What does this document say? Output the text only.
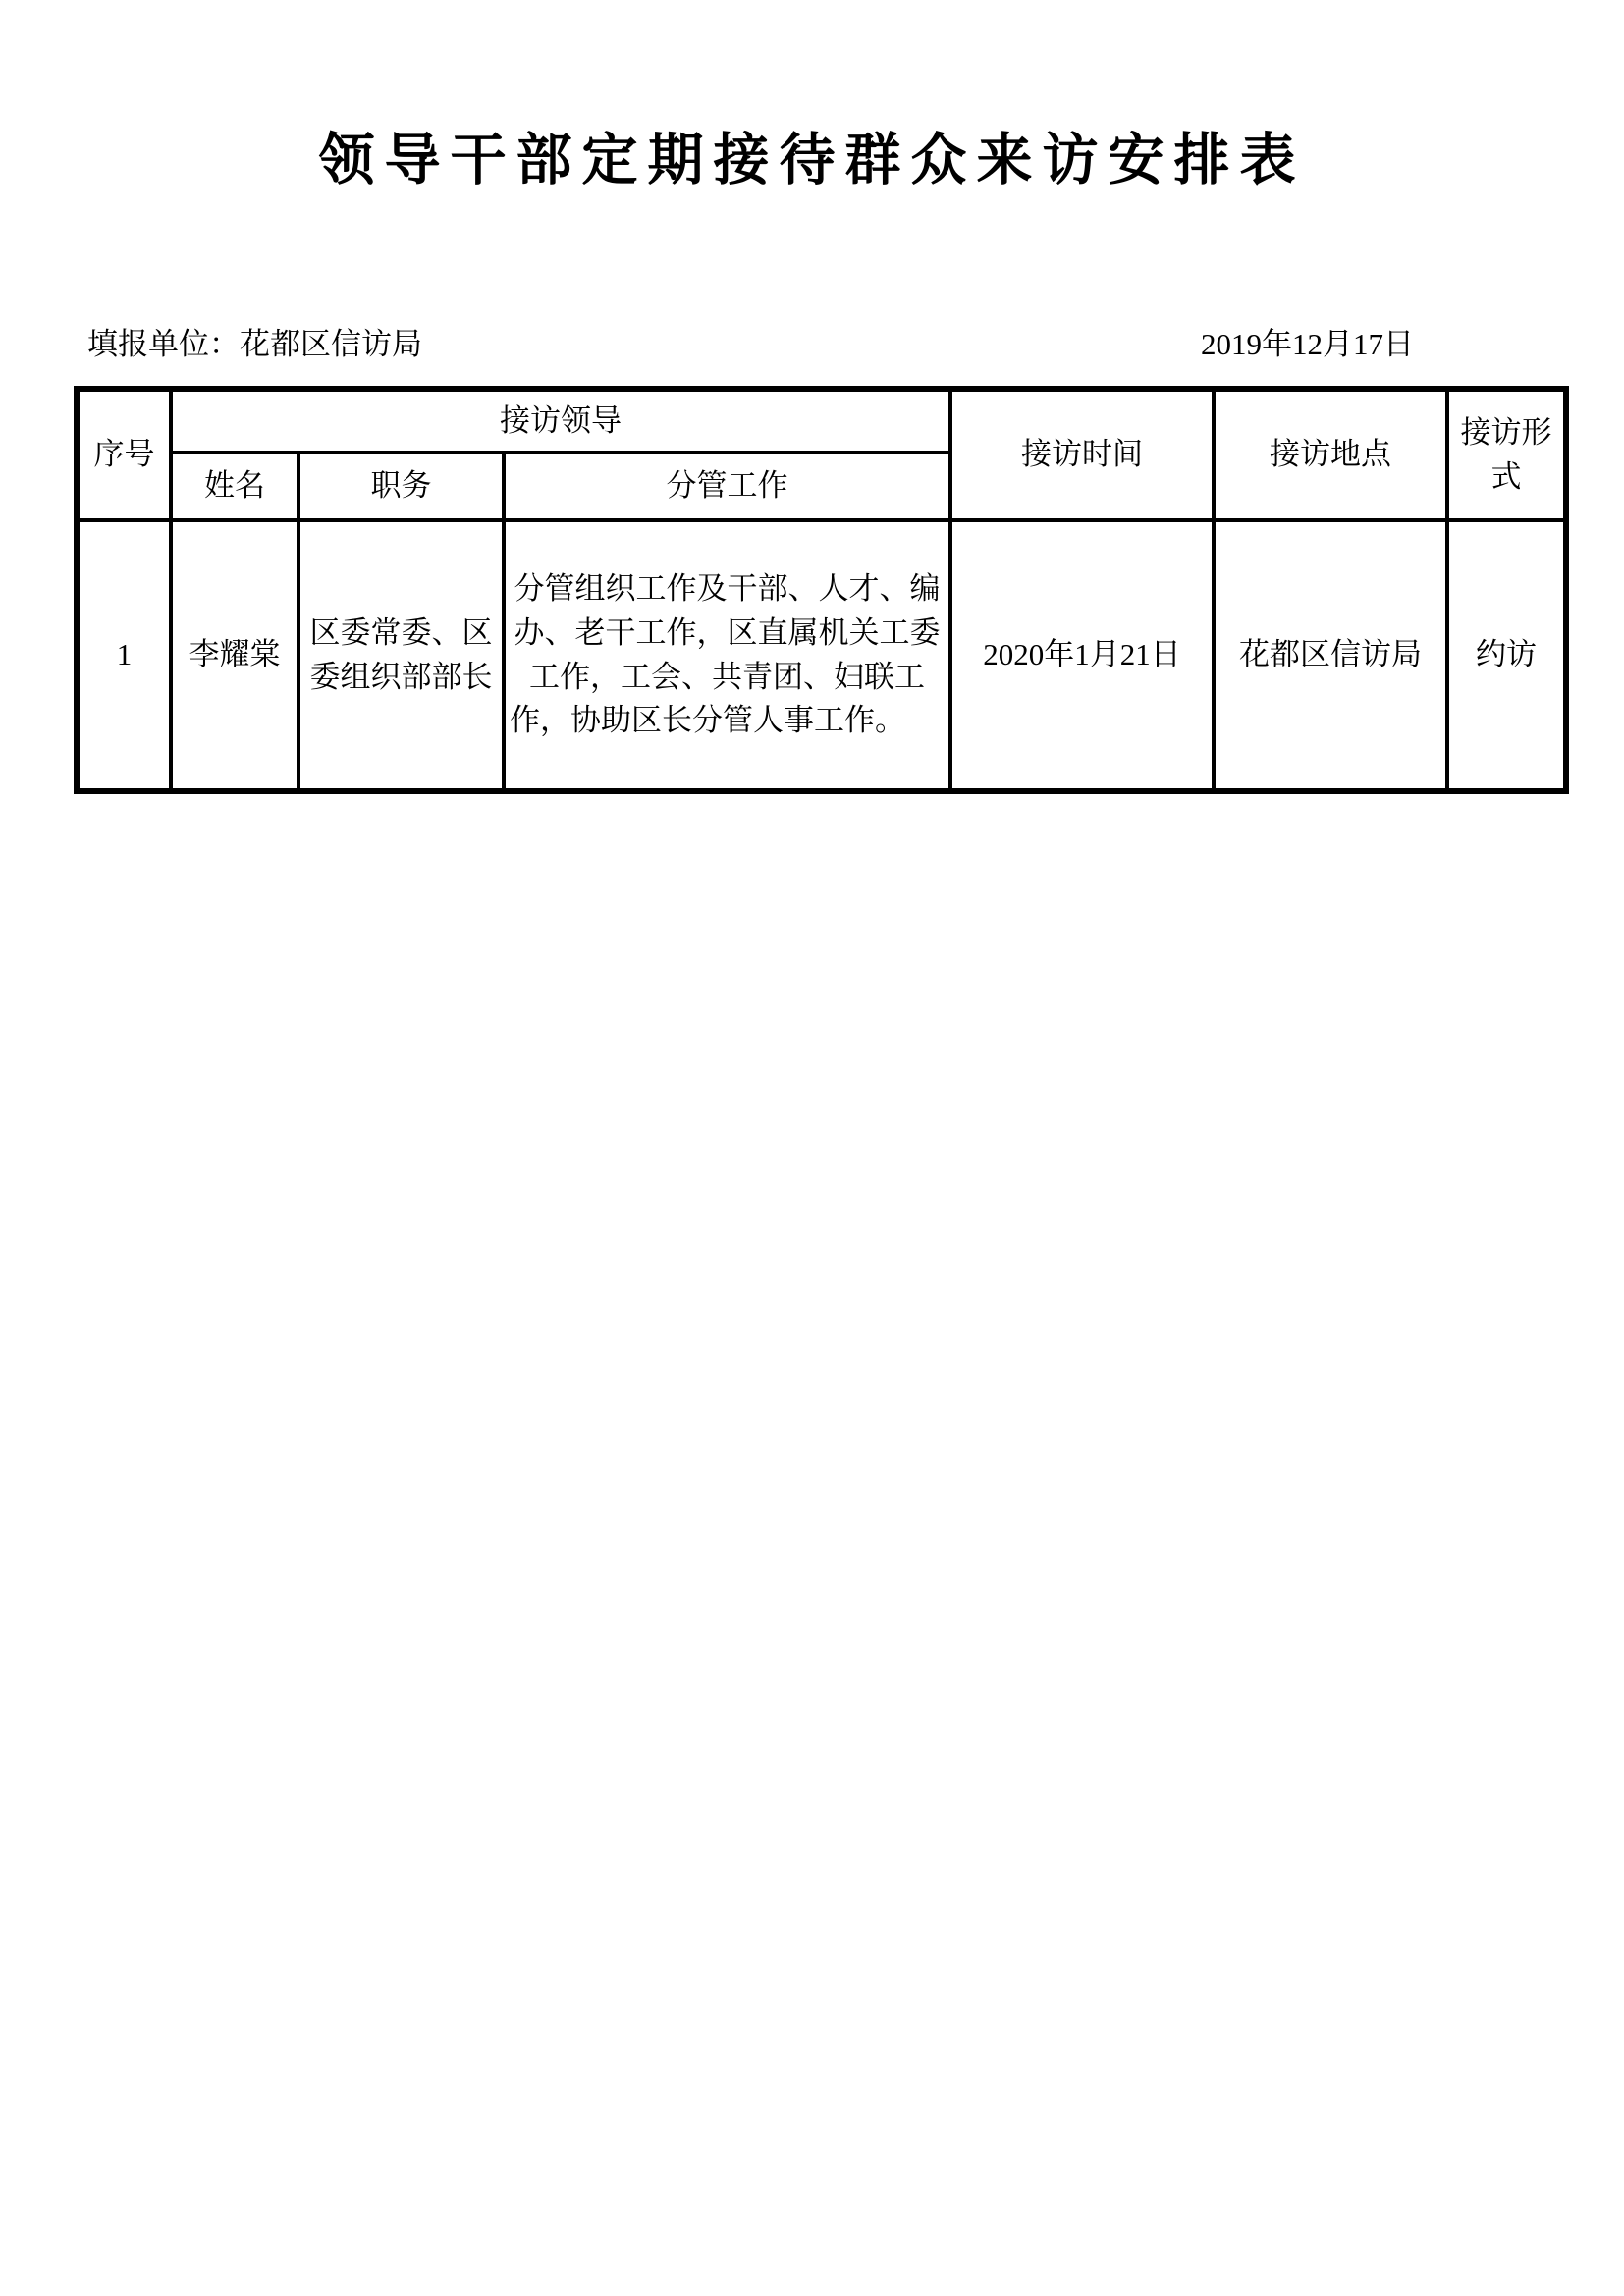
领导干部定期接待群众来访安排表
填报单位：花都区信访局	2019年12月17日
序号	接访领导			接访时间	接访地点	接访形式
	姓名	职务	分管工作			
1	李耀棠	区委常委、区委组织部部长	分管组织工作及干部、人才、编办、老干工作，区直属机关工委工作，工会、共青团、妇联工作，协助区长分管人事工作。	2020年1月21日	花都区信访局	约访
